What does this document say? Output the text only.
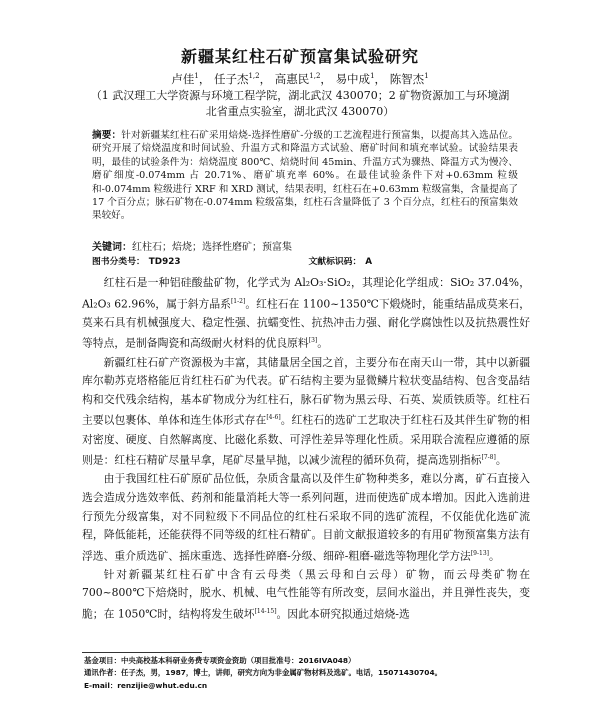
新疆某红柱石矿预富集试验研究
卢佳$^1$， 任子杰$^{1,2}$， 高惠民$^{1,2}$， 易中成$^1$， 陈智杰$^1$
（1 武汉理工大学资源与环境工程学院，湖北武汉 430070；2 矿物资源加工与环境湖北省重点实验室，湖北武汉 430070）
摘要：针对新疆某红柱石矿采用焙烧-选择性磨矿-分级的工艺流程进行预富集，以提高其入选品位。研究开展了焙烧温度和时间试验、升温方式和降温方式试验、磨矿时间和填充率试验。试验结果表明，最佳的试验条件为：焙烧温度 800℃、焙烧时间 45min、升温方式为骤热、降温方式为慢冷、磨矿细度-0.074mm 占 20.71%、磨矿填充率 60%。在最佳试验条件下对+0.63mm 粒级和-0.074mm 粒级进行 XRF 和 XRD 测试，结果表明，红柱石在+0.63mm 粒级富集，含量提高了 17 个百分点；脉石矿物在-0.074mm 粒级富集，红柱石含量降低了 3 个百分点，红柱石的预富集效果较好。
关键词：红柱石；焙烧；选择性磨矿；预富集
图书分类号： TD923	文献标识码： A

红柱石是一种铝硅酸盐矿物，化学式为 Al₂O₃·SiO₂，其理论化学组成：SiO₂ 37.04%，Al₂O₃ 62.96%，属于斜方晶系[1-2]。红柱石在 1100~1350℃下煅烧时，能重结晶成莫来石，莫来石具有机械强度大、稳定性强、抗蠕变性、抗热冲击力强、耐化学腐蚀性以及抗热震性好等特点，是制备陶瓷和高级耐火材料的优良原料[3]。

新疆红柱石矿产资源极为丰富，其储量居全国之首，主要分布在南天山一带，其中以新疆库尔勒苏克塔格能厄肯红柱石矿为代表。矿石结构主要为显微鳞片粒状变晶结构、包含变晶结构和交代残余结构，基本矿物成分为红柱石，脉石矿物为黑云母、石英、炭质铁质等。红柱石主要以包裹体、单体和连生体形式存在[4-6]。红柱石的选矿工艺取决于红柱石及其伴生矿物的相对密度、硬度、自然解离度、比磁化系数、可浮性差异等理化性质。采用联合流程应遵循的原则是：红柱石精矿尽量早拿，尾矿尽量早抛，以减少流程的循环负荷，提高选别指标[7-8]。

由于我国红柱石矿原矿品位低，杂质含量高以及伴生矿物种类多，难以分离，矿石直接入选会造成分选效率低、药剂和能量消耗大等一系列问题，进而使选矿成本增加。因此入选前进行预先分级富集，对不同粒级下不同品位的红柱石采取不同的选矿流程，不仅能优化选矿流程，降低能耗，还能获得不同等级的红柱石精矿。目前文献报道较多的有用矿物预富集方法有浮选、重介质选矿、摇床重选、选择性碎磨-分级、细碎-粗磨-磁选等物理化学方法[9-13]。

针对新疆某红柱石矿中含有云母类（黑云母和白云母）矿物，而云母类矿物在 700~800℃下焙烧时，脱水、机械、电气性能等有所改变，层间水溢出，并且弹性丧失，变脆；在 1050℃时，结构将发生破坏[14-15]。因此本研究拟通过焙烧-选

基金项目：中央高校基本科研业务费专项资金资助（项目批准号：2016IVA048）
通讯作者：任子杰，男，1987，博士，讲师，研究方向为非金属矿物材料及选矿。电话，15071430704。
E-mail：renzijie@whut.edu.cn
